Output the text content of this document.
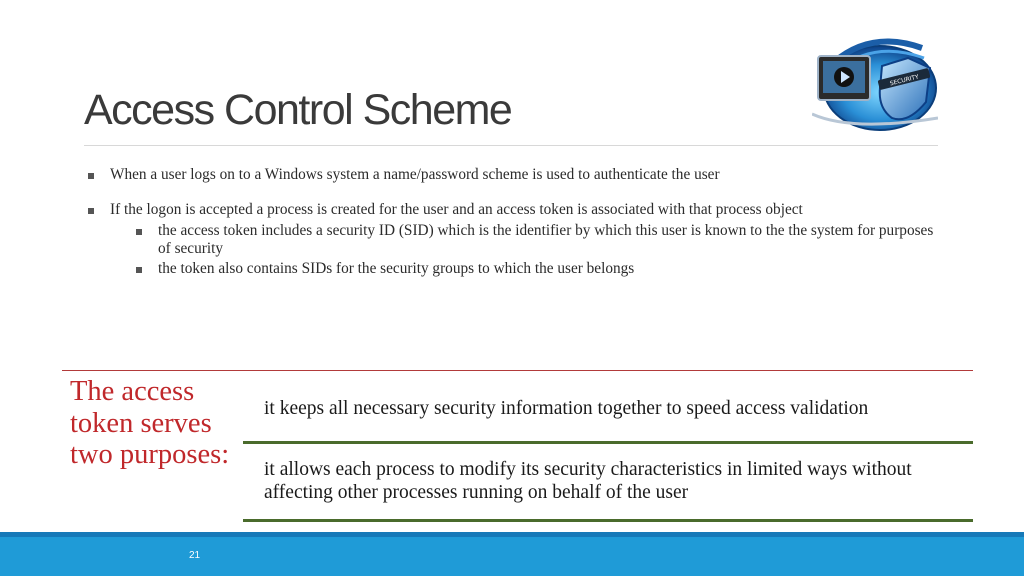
SECURITY
Access Control Scheme
When a user logs on to a Windows system a name/password scheme is used to authenticate the user
If the logon is accepted a process is created for the user and an access token is associated with that process object
the access token includes a security ID (SID) which is the identifier by which this user is known to the the system for purposes of security
the token also contains SIDs for the security groups to which the user belongs

The access token serves two purposes:

it keeps all necessary security information together to speed access validation
it allows each process to modify its security characteristics in limited ways without affecting other processes running on behalf of the user
21
